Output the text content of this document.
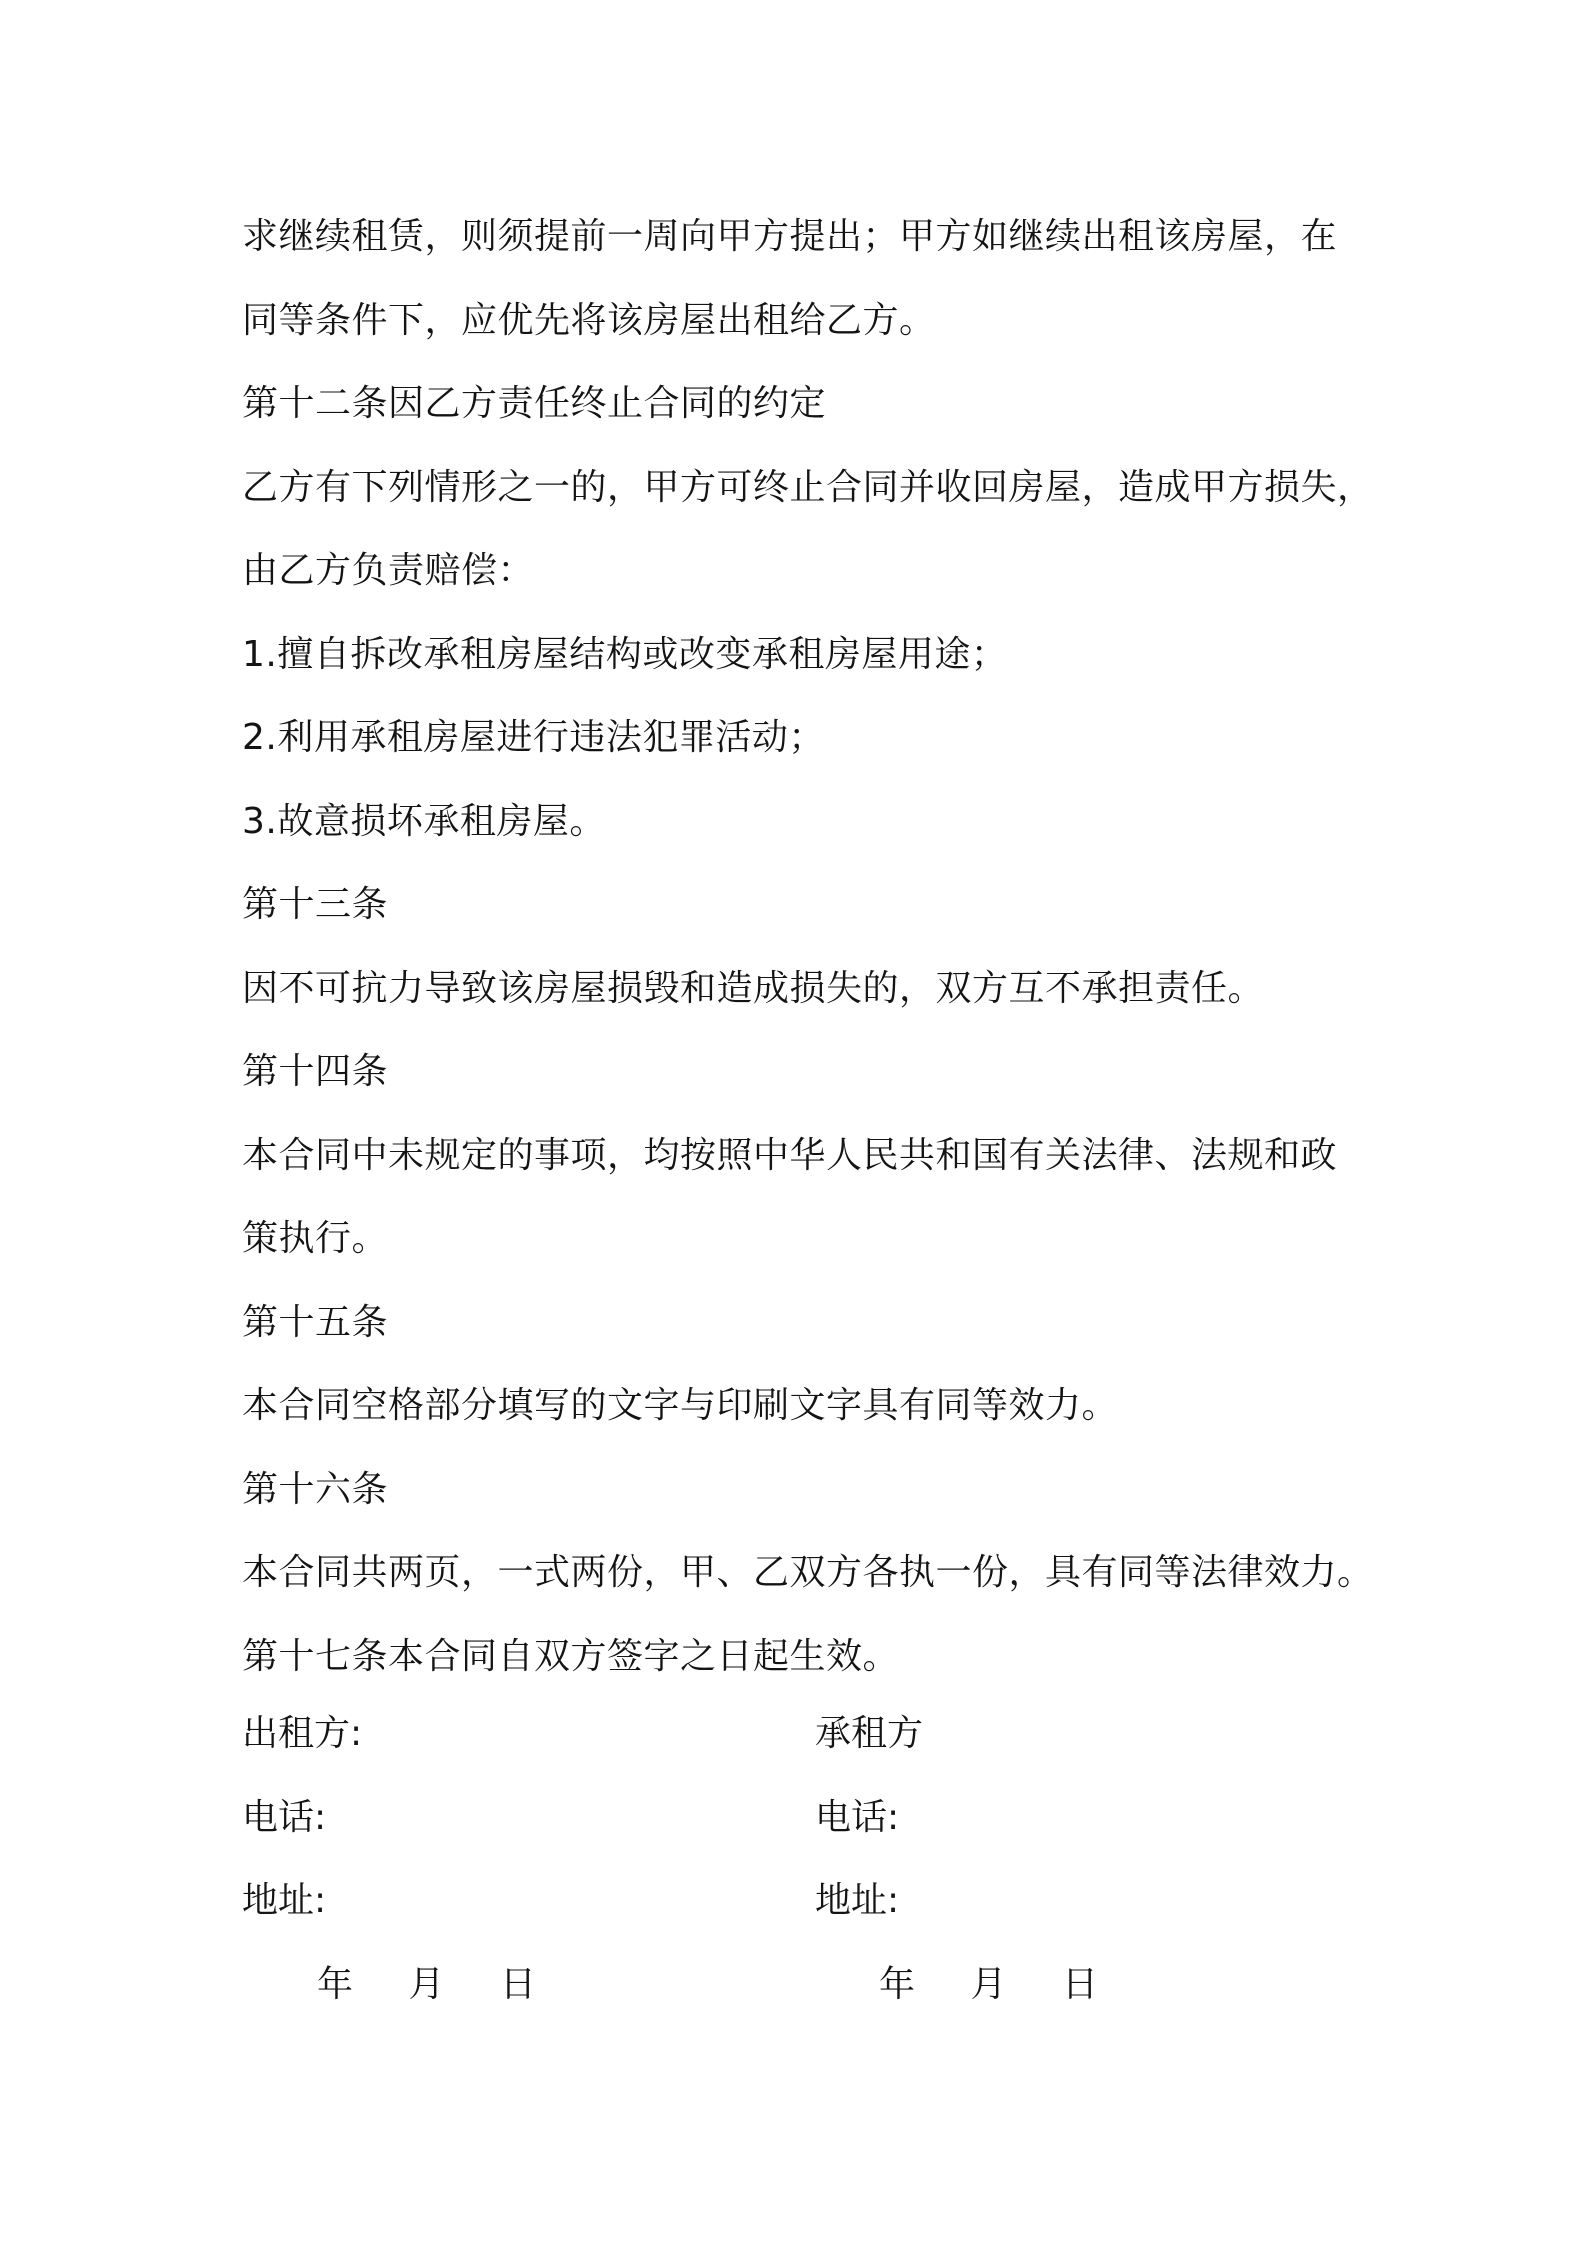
求继续租赁，则须提前一周向甲方提出；甲方如继续出租该房屋，在
同等条件下，应优先将该房屋出租给乙方。
第十二条因乙方责任终止合同的约定
乙方有下列情形之一的，甲方可终止合同并收回房屋，造成甲方损失，
由乙方负责赔偿：
1.擅自拆改承租房屋结构或改变承租房屋用途；
2.利用承租房屋进行违法犯罪活动；
3.故意损坏承租房屋。
第十三条
因不可抗力导致该房屋损毁和造成损失的，双方互不承担责任。
第十四条
本合同中未规定的事项，均按照中华人民共和国有关法律、法规和政
策执行。
第十五条
本合同空格部分填写的文字与印刷文字具有同等效力。
第十六条
本合同共两页，一式两份，甲、乙双方各执一份，具有同等法律效力。
第十七条本合同自双方签字之日起生效。
出租方:	承租方
电话:	电话:
地址:	地址:
年 月 日	年 月 日
